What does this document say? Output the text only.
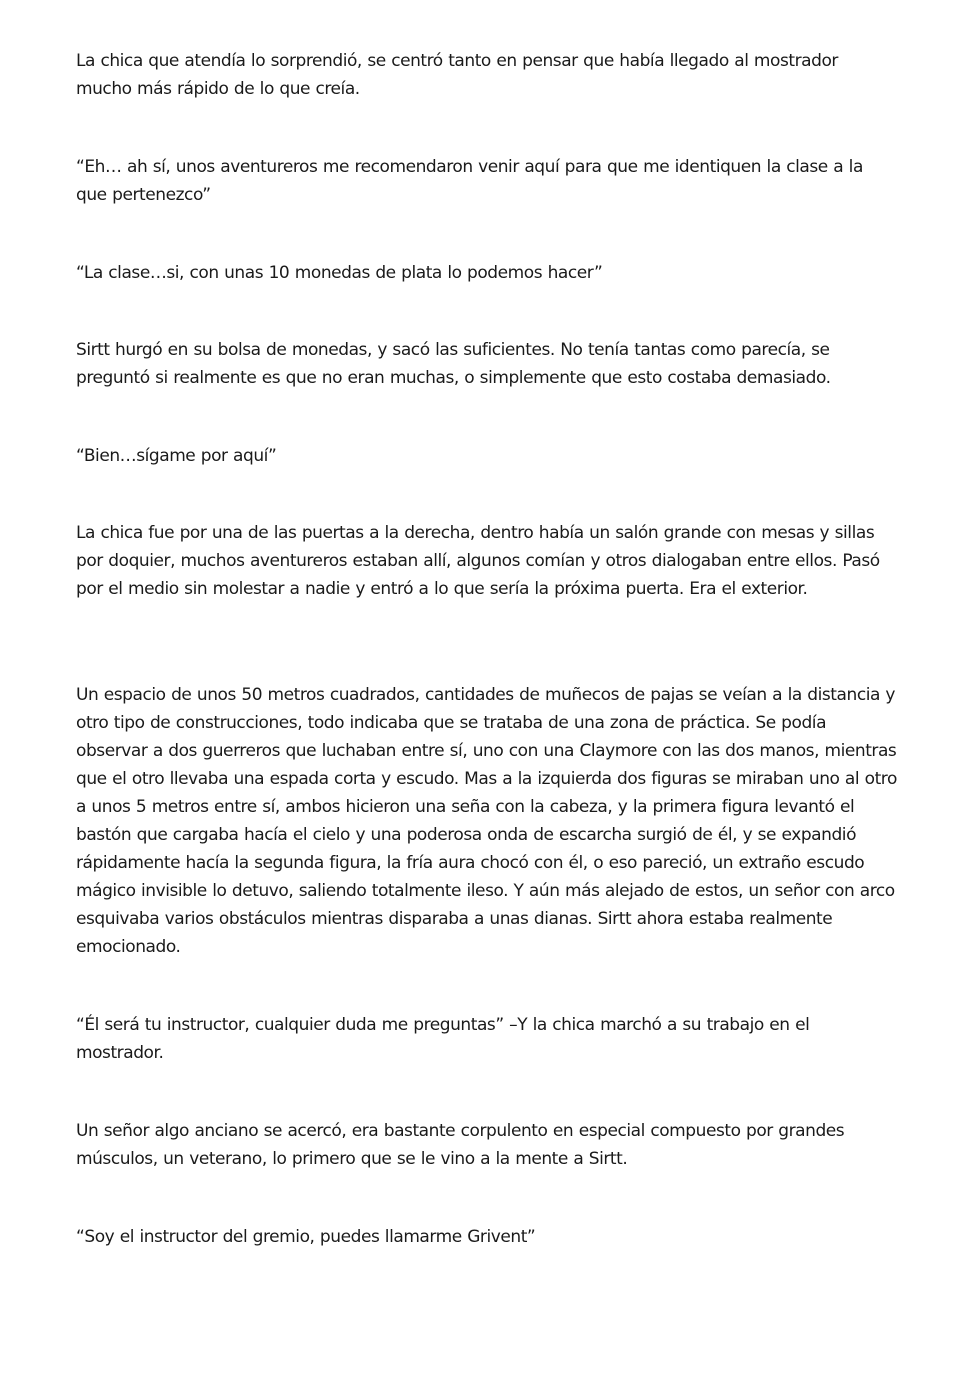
La chica que atendía lo sorprendió, se centró tanto en pensar que había llegado al mostrador mucho más rápido de lo que creía.

“Eh… ah sí, unos aventureros me recomendaron venir aquí para que me identiquen la clase a la que pertenezco”

“La clase…si, con unas 10 monedas de plata lo podemos hacer”

Sirtt hurgó en su bolsa de monedas, y sacó las suficientes. No tenía tantas como parecía, se preguntó si realmente es que no eran muchas, o simplemente que esto costaba demasiado.

“Bien…sígame por aquí”

La chica fue por una de las puertas a la derecha, dentro había un salón grande con mesas y sillas por doquier, muchos aventureros estaban allí, algunos comían y otros dialogaban entre ellos. Pasó por el medio sin molestar a nadie y entró a lo que sería la próxima puerta. Era el exterior.

Un espacio de unos 50 metros cuadrados, cantidades de muñecos de pajas se veían a la distancia y otro tipo de construcciones, todo indicaba que se trataba de una zona de práctica. Se podía observar a dos guerreros que luchaban entre sí, uno con una Claymore con las dos manos, mientras que el otro llevaba una espada corta y escudo. Mas a la izquierda dos figuras se miraban uno al otro a unos 5 metros entre sí, ambos hicieron una seña con la cabeza, y la primera figura levantó el bastón que cargaba hacía el cielo y una poderosa onda de escarcha surgió de él, y se expandió rápidamente hacía la segunda figura, la fría aura chocó con él, o eso pareció, un extraño escudo mágico invisible lo detuvo, saliendo totalmente ileso. Y aún más alejado de estos, un señor con arco esquivaba varios obstáculos mientras disparaba a unas dianas. Sirtt ahora estaba realmente emocionado.

“Él será tu instructor, cualquier duda me preguntas” –Y la chica marchó a su trabajo en el mostrador.

Un señor algo anciano se acercó, era bastante corpulento en especial compuesto por grandes músculos, un veterano, lo primero que se le vino a la mente a Sirtt.

“Soy el instructor del gremio, puedes llamarme Grivent”
